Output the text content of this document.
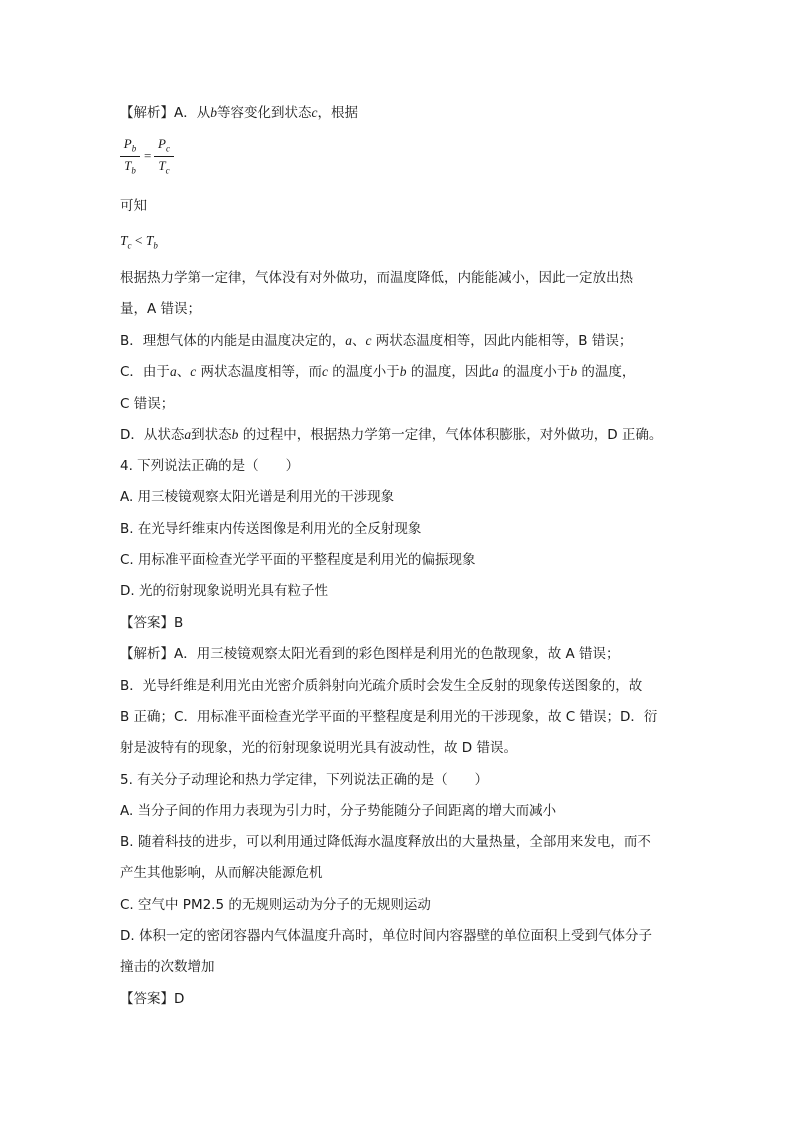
【解析】A．从b等容变化到状态c，根据
$P_b$
$T_b$
=
$P_c$
$T_c$
可知
$T_c < T_b$
根据热力学第一定律，气体没有对外做功，而温度降低，内能能减小，因此一定放出热
量，A 错误；
B．理想气体的内能是由温度决定的，a、c 两状态温度相等，因此内能相等，B 错误；
C．由于a、c 两状态温度相等，而c 的温度小于b 的温度，因此a 的温度小于b 的温度，
C 错误；
D．从状态a到状态b 的过程中，根据热力学第一定律，气体体积膨胀，对外做功，D 正确。
4. 下列说法正确的是（　　）
A. 用三棱镜观察太阳光谱是利用光的干涉现象
B. 在光导纤维束内传送图像是利用光的全反射现象
C. 用标准平面检查光学平面的平整程度是利用光的偏振现象
D. 光的衍射现象说明光具有粒子性
【答案】B
【解析】A．用三棱镜观察太阳光看到的彩色图样是利用光的色散现象，故 A 错误；
B．光导纤维是利用光由光密介质斜射向光疏介质时会发生全反射的现象传送图象的，故
B 正确；C．用标准平面检查光学平面的平整程度是利用光的干涉现象，故 C 错误；D．衍
射是波特有的现象，光的衍射现象说明光具有波动性，故 D 错误。
5. 有关分子动理论和热力学定律，下列说法正确的是（　　）
A. 当分子间的作用力表现为引力时，分子势能随分子间距离的增大而减小
B. 随着科技的进步，可以利用通过降低海水温度释放出的大量热量，全部用来发电，而不
产生其他影响，从而解决能源危机
C. 空气中 PM2.5 的无规则运动为分子的无规则运动
D. 体积一定的密闭容器内气体温度升高时，单位时间内容器壁的单位面积上受到气体分子
撞击的次数增加
【答案】D
